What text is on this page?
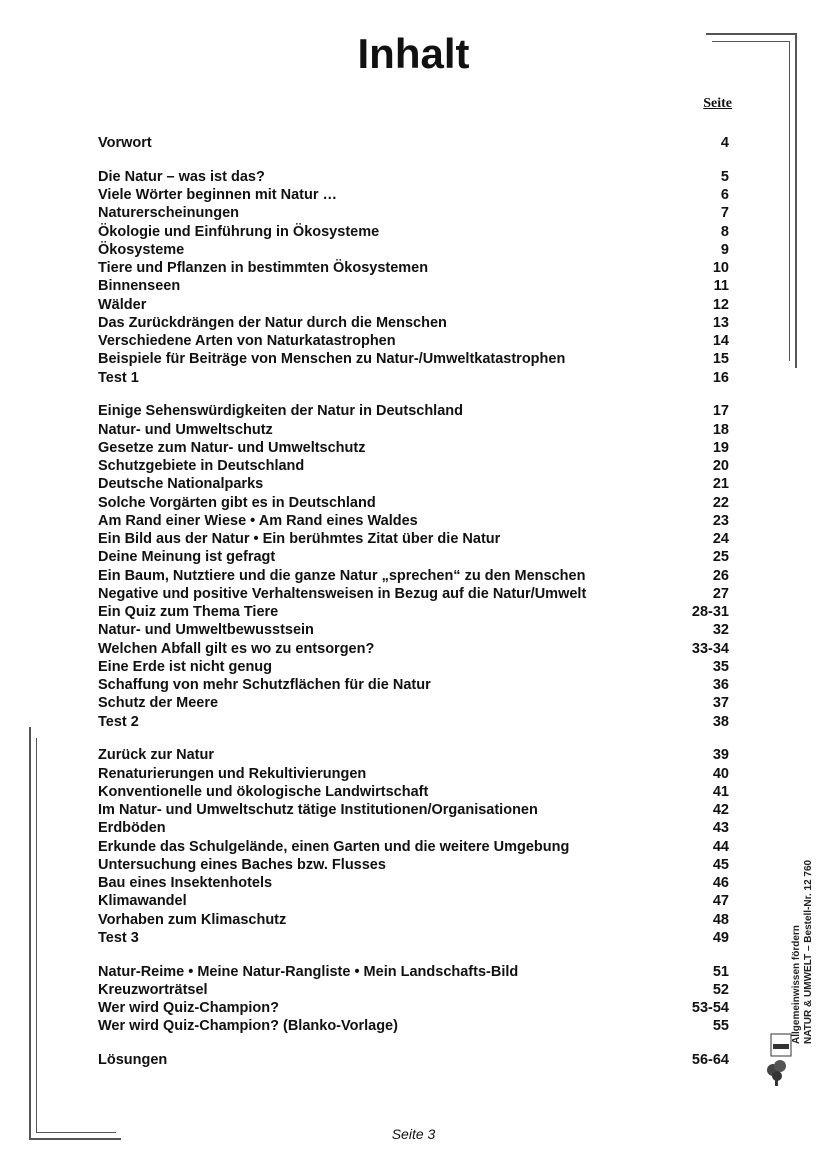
Inhalt
Seite
Vorwort	4
Die Natur – was ist das?	5
Viele Wörter beginnen mit Natur …	6
Naturerscheinungen	7
Ökologie und Einführung in Ökosysteme	8
Ökosysteme	9
Tiere und Pflanzen in bestimmten Ökosystemen	10
Binnenseen	11
Wälder	12
Das Zurückdrängen der Natur durch die Menschen	13
Verschiedene Arten von Naturkatastrophen	14
Beispiele für Beiträge von Menschen zu Natur-/Umweltkatastrophen	15
Test 1	16
Einige Sehenswürdigkeiten der Natur in Deutschland	17
Natur- und Umweltschutz	18
Gesetze zum Natur- und Umweltschutz	19
Schutzgebiete in Deutschland	20
Deutsche Nationalparks	21
Solche Vorgärten gibt es in Deutschland	22
Am Rand einer Wiese • Am Rand eines Waldes	23
Ein Bild aus der Natur • Ein berühmtes Zitat über die Natur	24
Deine Meinung ist gefragt	25
Ein Baum, Nutztiere und die ganze Natur „sprechen“ zu den Menschen	26
Negative und positive Verhaltensweisen in Bezug auf die Natur/Umwelt	27
Ein Quiz zum Thema Tiere	28-31
Natur- und Umweltbewusstsein	32
Welchen Abfall gilt es wo zu entsorgen?	33-34
Eine Erde ist nicht genug	35
Schaffung von mehr Schutzflächen für die Natur	36
Schutz der Meere	37
Test 2	38
Zurück zur Natur	39
Renaturierungen und Rekultivierungen	40
Konventionelle und ökologische Landwirtschaft	41
Im Natur- und Umweltschutz tätige Institutionen/Organisationen	42
Erdböden	43
Erkunde das Schulgelände, einen Garten und die weitere Umgebung	44
Untersuchung eines Baches bzw. Flusses	45
Bau eines Insektenhotels	46
Klimawandel	47
Vorhaben zum Klimaschutz	48
Test 3	49
Natur-Reime • Meine Natur-Rangliste • Mein Landschafts-Bild	51
Kreuzworträtsel	52
Wer wird Quiz-Champion?	53-54
Wer wird Quiz-Champion? (Blanko-Vorlage)	55
Lösungen	56-64
Seite 3
Allgemeinwissen fördern NATUR & UMWELT – Bestell-Nr. 12 760
